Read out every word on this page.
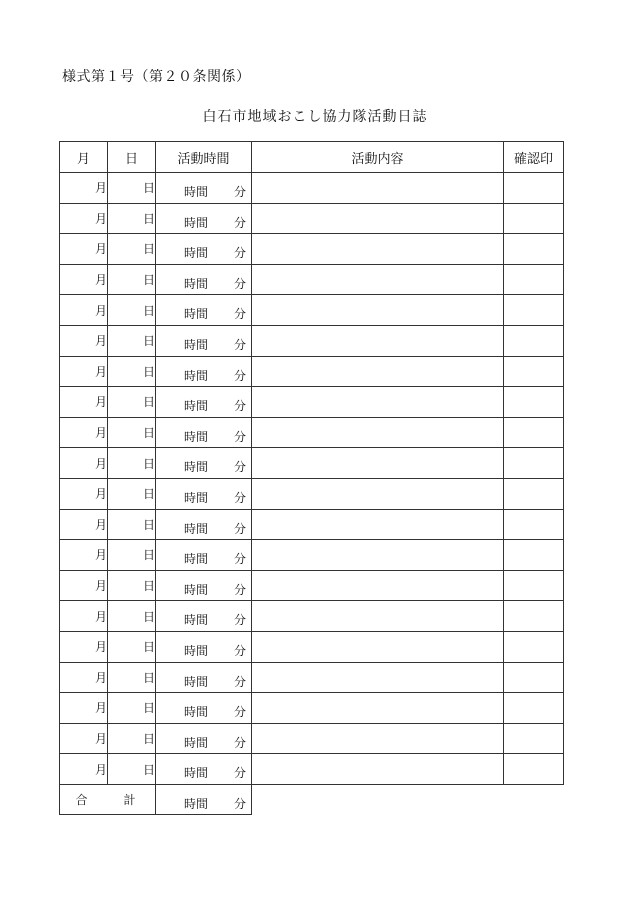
様式第１号（第２０条関係）
白石市地域おこし協力隊活動日誌
月	日	活動時間	活動内容	確認印
月	日	時間 分		

月	日	時間 分		

月	日	時間 分		

月	日	時間 分		

月	日	時間 分		

月	日	時間 分		

月	日	時間 分		

月	日	時間 分		

月	日	時間 分		

月	日	時間 分		

月	日	時間 分		

月	日	時間 分		

月	日	時間 分		

月	日	時間 分		

月	日	時間 分		

月	日	時間 分		

月	日	時間 分		

月	日	時間 分		

月	日	時間 分		

月	日	時間 分		

合　計		時間 分		
